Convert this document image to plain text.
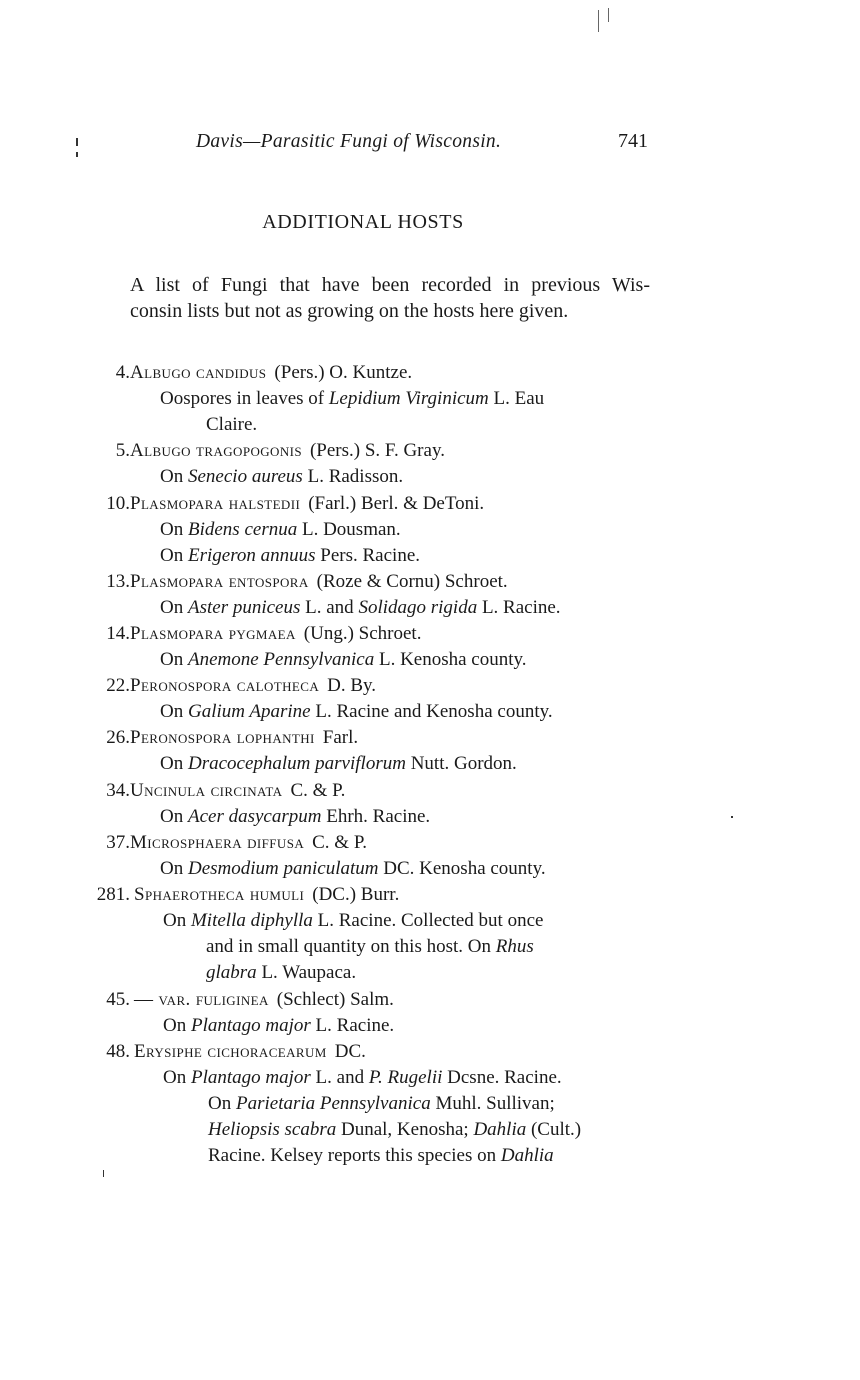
Davis—Parasitic Fungi of Wisconsin.	741
ADDITIONAL HOSTS
A list of Fungi that have been recorded in previous Wis-
consin lists but not as growing on the hosts here given.
4. Albugo candidus (Pers.) O. Kuntze.
Oospores in leaves of Lepidium Virginicum L. Eau
Claire.
5. Albugo tragopogonis (Pers.) S. F. Gray.
On Senecio aureus L. Radisson.
10. Plasmopara halstedii (Farl.) Berl. & DeToni.
On Bidens cernua L. Dousman.
On Erigeron annuus Pers. Racine.
13. Plasmopara entospora (Roze & Cornu) Schroet.
On Aster puniceus L. and Solidago rigida L. Racine.
14. Plasmopara pygmaea (Ung.) Schroet.
On Anemone Pennsylvanica L. Kenosha county.
22. Peronospora calotheca D. By.
On Galium Aparine L. Racine and Kenosha county.
26. Peronospora lophanthi Farl.
On Dracocephalum parviflorum Nutt. Gordon.
34. Uncinula circinata C. & P.
On Acer dasycarpum Ehrh. Racine.
37. Microsphaera diffusa C. & P.
On Desmodium paniculatum DC. Kenosha county.
281. Sphaerotheca humuli (DC.) Burr.
On Mitella diphylla L. Racine. Collected but once
and in small quantity on this host. On Rhus
glabra L. Waupaca.
45. — var. fuliginea (Schlect) Salm.
On Plantago major L. Racine.
48. Erysiphe cichoracearum DC.
On Plantago major L. and P. Rugelii Dcsne. Racine.
On Parietaria Pennsylvanica Muhl. Sullivan;
Heliopsis scabra Dunal, Kenosha; Dahlia (Cult.)
Racine. Kelsey reports this species on Dahlia
